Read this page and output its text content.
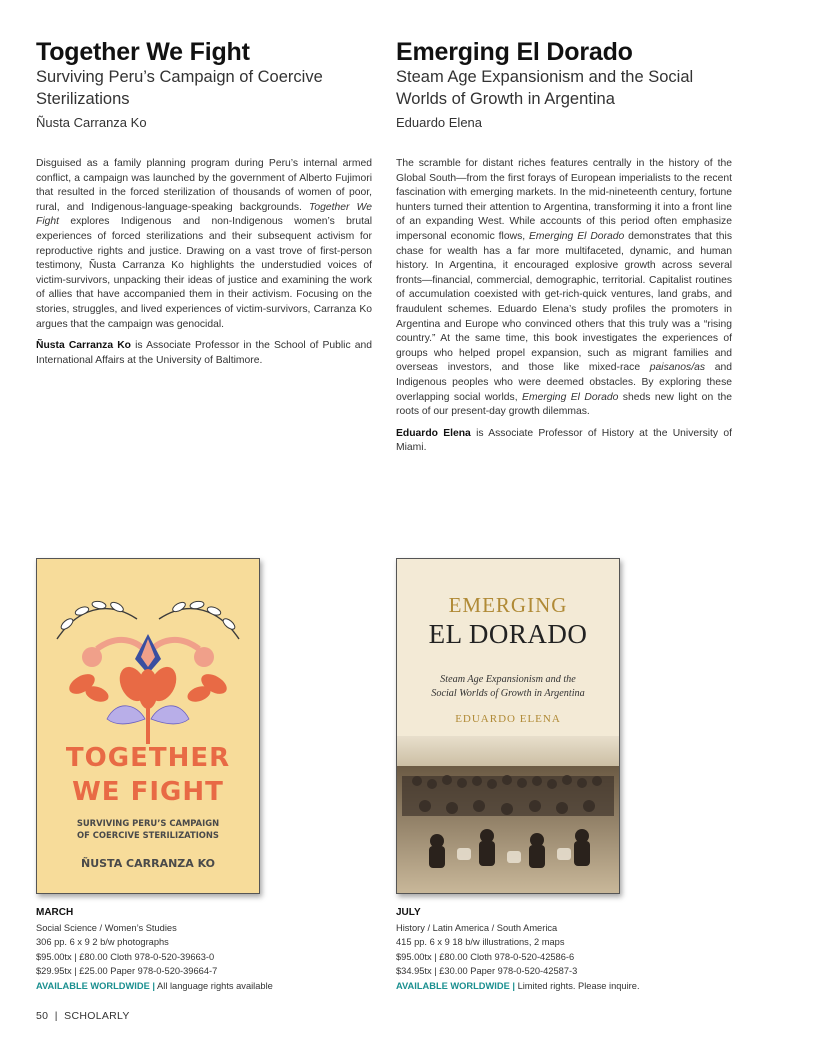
Together We Fight

Surviving Peru’s Campaign of Coercive Sterilizations

Ñusta Carranza Ko

Disguised as a family planning program during Peru’s internal armed conflict, a campaign was launched by the government of Alberto Fujimori that resulted in the forced sterilization of thousands of women of poor, rural, and Indigenous-language-speaking backgrounds. Together We Fight explores Indigenous and non-Indigenous women’s brutal experiences of forced sterilizations and their subsequent activism for reproductive rights and justice. Drawing on a vast trove of first-person testimony, Ñusta Carranza Ko highlights the understudied voices of victim-survivors, unpacking their ideas of justice and examining the work of allies that have accompanied them in their activism. Focusing on the stories, struggles, and lived experiences of victim-survivors, Carranza Ko argues that the campaign was genocidal.

Ñusta Carranza Ko is Associate Professor in the School of Public and International Affairs at the University of Baltimore.

Emerging El Dorado

Steam Age Expansionism and the Social Worlds of Growth in Argentina

Eduardo Elena

The scramble for distant riches features centrally in the history of the Global South—from the first forays of European imperialists to the recent fascination with emerging markets. In the mid-nineteenth century, fortune hunters turned their attention to Argentina, transforming it into a front line of an expanding West. While accounts of this period often emphasize impersonal economic flows, Emerging El Dorado demonstrates that this chase for wealth has a far more multifaceted, dynamic, and human history. In Argentina, it encouraged explosive growth across several fronts—financial, commercial, demographic, territorial. Capitalist routines of accumulation coexisted with get-rich-quick ventures, land grabs, and fraudulent schemes. Eduardo Elena’s study profiles the promoters in Argentina and Europe who convinced others that this truly was a “rising country.” At the same time, this book investigates the experiences of groups who helped propel expansion, such as migrant families and overseas investors, and those like mixed-race paisanos/as and Indigenous peoples who were deemed obstacles. By exploring these overlapping social worlds, Emerging El Dorado sheds new light on the roots of our present-day growth dilemmas.

Eduardo Elena is Associate Professor of History at the University of Miami.

TOGETHER
WE FIGHT
SURVIVING PERU’S CAMPAIGN
OF COERCIVE STERILIZATIONS
ÑUSTA CARRANZA KO
EMERGING
EL DORADO
Steam Age Expansionism and the
Social Worlds of Growth in Argentina
EDUARDO ELENA
MARCH
Social Science / Women’s Studies
306 pp. 6 x 9 2 b/w photographs
$95.00tx | £80.00 Cloth 978-0-520-39663-0
$29.95tx | £25.00 Paper 978-0-520-39664-7
AVAILABLE WORLDWIDE | All language rights available
JULY
History / Latin America / South America
415 pp. 6 x 9 18 b/w illustrations, 2 maps
$95.00tx | £80.00 Cloth 978-0-520-42586-6
$34.95tx | £30.00 Paper 978-0-520-42587-3
AVAILABLE WORLDWIDE | Limited rights. Please inquire.
50  |  SCHOLARLY
